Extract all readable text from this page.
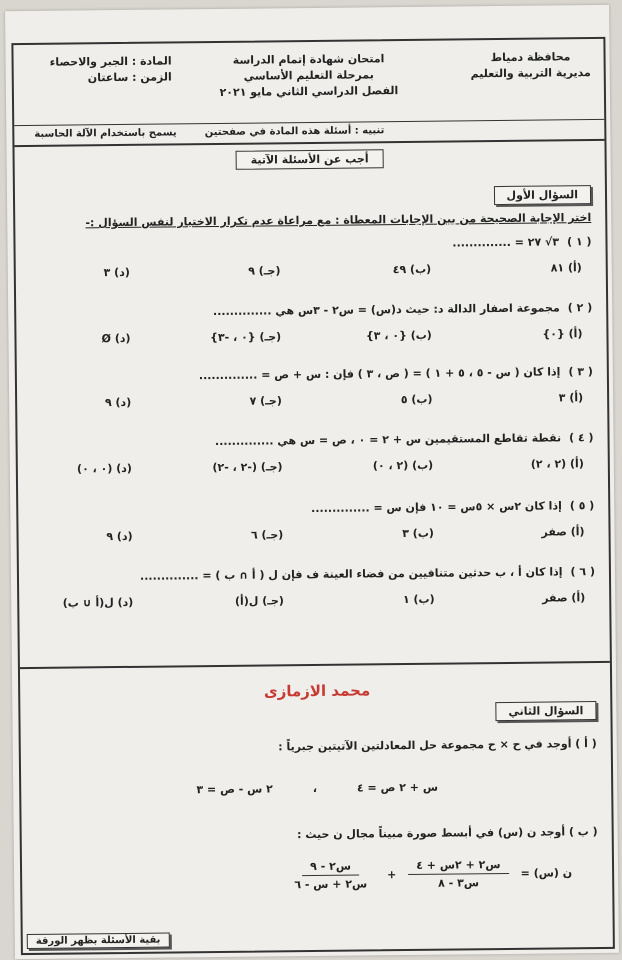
محافظة دمياط
مديرية التربية والتعليم
امتحان شهادة إتمام الدراسة
بمرحلة التعليم الأساسي
الفصل الدراسي الثاني مايو ٢٠٢١
المادة : الجبر والاحصاء
الزمن : ساعتان
تنبيه : أسئلة هذه المادة في صفحتين
يسمح باستخدام الآلة الحاسبة
أجب عن الأسئلة الآتية
السؤال الأول
اختر الإجابة الصحيحة من بين الإجابات المعطاة : مع مراعاة عدم تكرار الاختيار لنفس السؤال :-
( ١ )٣√ ٢٧ = ..............
(أ) ٨١
(ب) ٤٩
(جـ) ٩
(د) ٣
( ٢ )مجموعة اصفار الدالة د: حيث د(س) = س٢ - ٣س هي ..............
(أ) {٠}
(ب) {٠ ، ٣}
(جـ) {٠ ، -٣}
(د) Ø
( ٣ )إذا كان ( س - ٥ ، ٥ + ١ ) = ( ص ، ٣ ) فإن : س + ص = ..............
(أ) ٣
(ب) ٥
(جـ) ٧
(د) ٩
( ٤ )نقطة تقاطع المستقيمين س + ٢ = ٠ ، ص = س هي ..............
(أ) (٢ ، ٢)
(ب) (٢ ، ٠)
(جـ) (-٢ ، -٢)
(د) (٠ ، ٠)
( ٥ )إذا كان ٢س × ٥س = ١٠ فإن س = ..............
(أ) صفر
(ب) ٣
(جـ) ٦
(د) ٩
( ٦ )إذا كان أ ، ب حدثين متنافيين من فضاء العينة ف فإن ل ( أ ∩ ب ) = ..............
(أ) صفر
(ب) ١
(جـ) ل(أ)
(د) ل(أ ∪ ب)
محمد الازمازى
السؤال الثاني
( أ ) أوجد في ح × ح مجموعة حل المعادلتين الآتيتين جبرياً :
س + ٢ ص = ٤
،
٢ س - ص = ٣
( ب ) أوجد ن (س) في أبسط صورة مبيناً مجال ن حيث :
ن (س) =
$\frac{\text{س٢ + ٢س + ٤}}{\text{س٣ - ٨}}$
+
$\frac{\text{س٢ - ٩}}{\text{س٢ + س - ٦}}$
بقية الأسئلة بظهر الورقة
